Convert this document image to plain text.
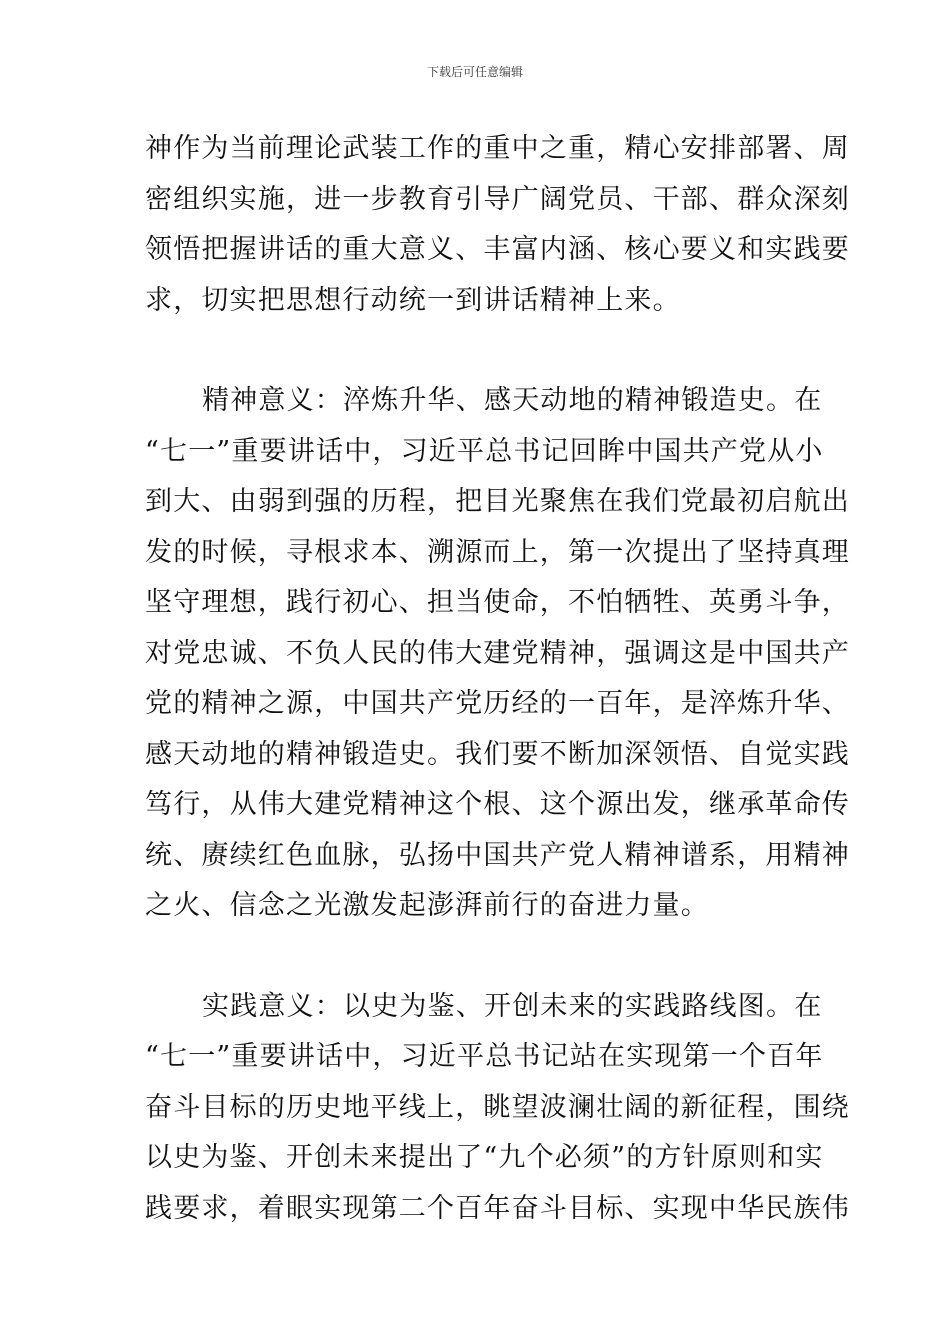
下载后可任意编辑

神作为当前理论武装工作的重中之重，精心安排部署、周
密组织实施，进一步教育引导广阔党员、干部、群众深刻
领悟把握讲话的重大意义、丰富内涵、核心要义和实践要
求，切实把思想行动统一到讲话精神上来。

精神意义：淬炼升华、感天动地的精神锻造史。在
“七一”重要讲话中，习近平总书记回眸中国共产党从小
到大、由弱到强的历程，把目光聚焦在我们党最初启航出
发的时候，寻根求本、溯源而上，第一次提出了坚持真理
坚守理想，践行初心、担当使命，不怕牺牲、英勇斗争，
对党忠诚、不负人民的伟大建党精神，强调这是中国共产
党的精神之源，中国共产党历经的一百年，是淬炼升华、
感天动地的精神锻造史。我们要不断加深领悟、自觉实践
笃行，从伟大建党精神这个根、这个源出发，继承革命传
统、赓续红色血脉，弘扬中国共产党人精神谱系，用精神
之火、信念之光激发起澎湃前行的奋进力量。

实践意义：以史为鉴、开创未来的实践路线图。在
“七一”重要讲话中，习近平总书记站在实现第一个百年
奋斗目标的历史地平线上，眺望波澜壮阔的新征程，围绕
以史为鉴、开创未来提出了“九个必须”的方针原则和实
践要求，着眼实现第二个百年奋斗目标、实现中华民族伟
